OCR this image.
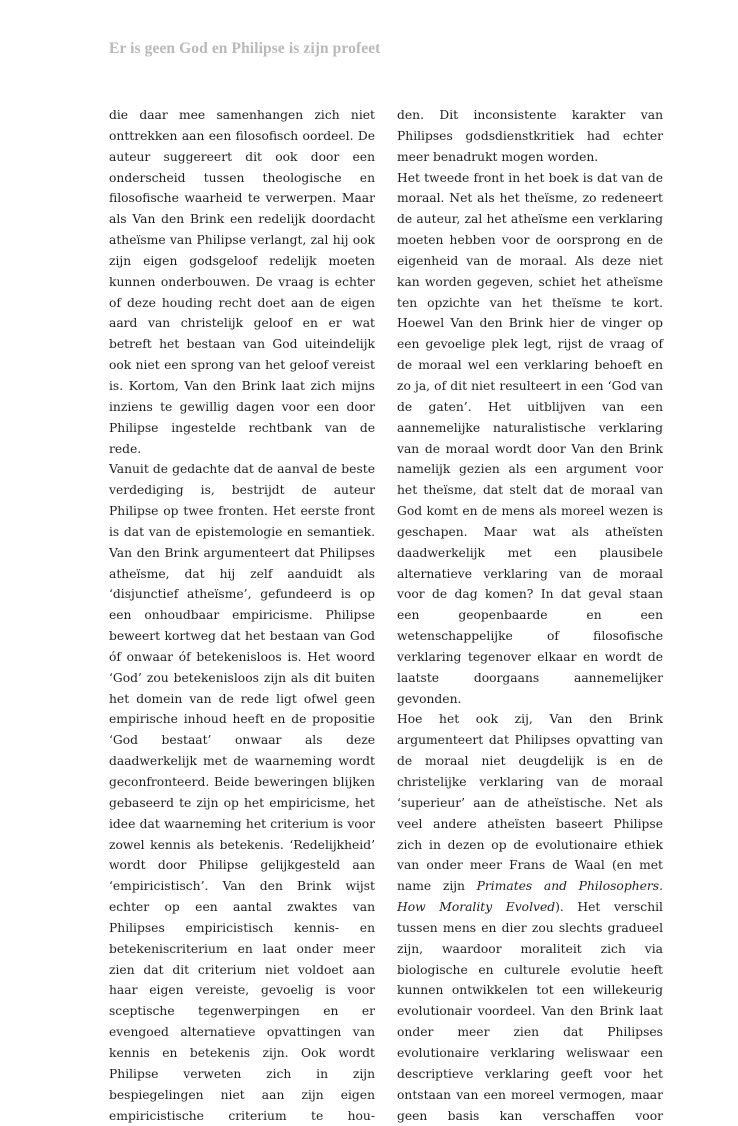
Er is geen God en Philipse is zijn profeet

die daar mee samenhangen zich niet onttrekken aan een filosofisch oordeel. De auteur suggereert dit ook door een onderscheid tussen theologische en filosofische waarheid te verwerpen. Maar als Van den Brink een redelijk doordacht atheïsme van Philipse verlangt, zal hij ook zijn eigen godsgeloof redelijk moeten kunnen onderbouwen. De vraag is echter of deze houding recht doet aan de eigen aard van christelijk geloof en er wat betreft het bestaan van God uiteindelijk ook niet een sprong van het geloof vereist is. Kortom, Van den Brink laat zich mijns inziens te gewillig dagen voor een door Philipse ingestelde rechtbank van de rede.

Vanuit de gedachte dat de aanval de beste verdediging is, bestrijdt de auteur Philipse op twee fronten. Het eerste front is dat van de epistemologie en semantiek. Van den Brink argumenteert dat Philipses atheïsme, dat hij zelf aanduidt als ‘disjunctief atheïsme’, gefundeerd is op een onhoudbaar empiricisme. Philipse beweert kortweg dat het bestaan van God óf onwaar óf betekenisloos is. Het woord ‘God’ zou betekenisloos zijn als dit buiten het domein van de rede ligt ofwel geen empirische inhoud heeft en de propositie ‘God bestaat’ onwaar als deze daadwerkelijk met de waarneming wordt geconfronteerd. Beide beweringen blijken gebaseerd te zijn op het empiricisme, het idee dat waarneming het criterium is voor zowel kennis als betekenis. ‘Redelijkheid’ wordt door Philipse gelijkgesteld aan ‘empiricistisch’. Van den Brink wijst echter op een aantal zwaktes van Philipses empiricistisch kennis- en betekeniscriterium en laat onder meer zien dat dit criterium niet voldoet aan haar eigen vereiste, gevoelig is voor sceptische tegenwerpingen en er evengoed alternatieve opvattingen van kennis en betekenis zijn. Ook wordt Philipse verweten zich in zijn bespiegelingen niet aan zijn eigen empiricistische criterium te hou-

den. Dit inconsistente karakter van Philipses godsdienstkritiek had echter meer benadrukt mogen worden.

Het tweede front in het boek is dat van de moraal. Net als het theïsme, zo redeneert de auteur, zal het atheïsme een verklaring moeten hebben voor de oorsprong en de eigenheid van de moraal. Als deze niet kan worden gegeven, schiet het atheïsme ten opzichte van het theïsme te kort. Hoewel Van den Brink hier de vinger op een gevoelige plek legt, rijst de vraag of de moraal wel een verklaring behoeft en zo ja, of dit niet resulteert in een ‘God van de gaten’. Het uitblijven van een aannemelijke naturalistische verklaring van de moraal wordt door Van den Brink namelijk gezien als een argument voor het theïsme, dat stelt dat de moraal van God komt en de mens als moreel wezen is geschapen. Maar wat als atheïsten daadwerkelijk met een plausibele alternatieve verklaring van de moraal voor de dag komen? In dat geval staan een geopenbaarde en een wetenschappelijke of filosofische verklaring tegenover elkaar en wordt de laatste doorgaans aannemelijker gevonden.

Hoe het ook zij, Van den Brink argumenteert dat Philipses opvatting van de moraal niet deugdelijk is en de christelijke verklaring van de moraal ‘superieur’ aan de atheïstische. Net als veel andere atheïsten baseert Philipse zich in dezen op de evolutionaire ethiek van onder meer Frans de Waal (en met name zijn Primates and Philosophers. How Morality Evolved). Het verschil tussen mens en dier zou slechts gradueel zijn, waardoor moraliteit zich via biologische en culturele evolutie heeft kunnen ontwikkelen tot een willekeurig evolutionair voordeel. Van den Brink laat onder meer zien dat Philipses evolutionaire verklaring weliswaar een descriptieve verklaring geeft voor het ontstaan van een moreel vermogen, maar geen basis kan verschaffen voor
